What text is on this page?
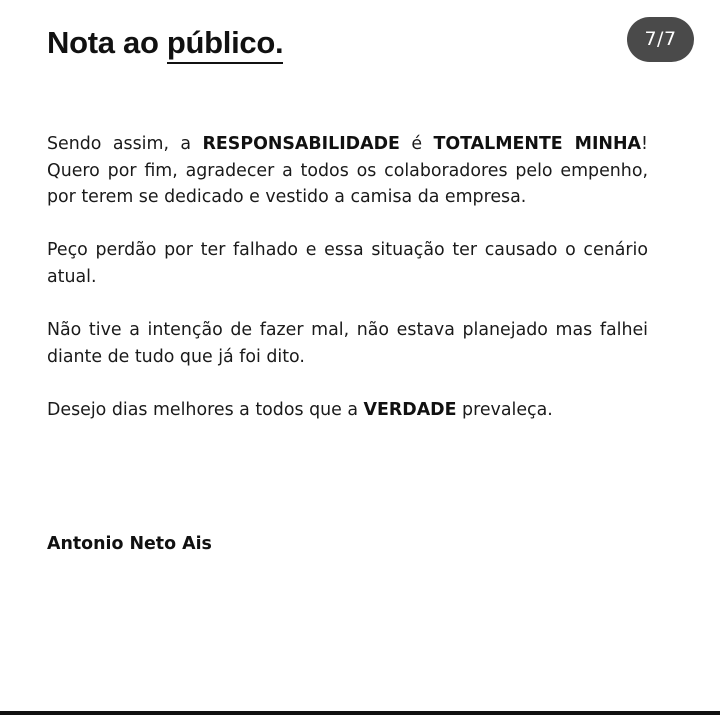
Nota ao público.	7/7

Sendo assim, a RESPONSABILIDADE é TOTALMENTE MINHA! Quero por fim, agradecer a todos os colaboradores pelo empenho, por terem se dedicado e vestido a camisa da empresa.

Peço perdão por ter falhado e essa situação ter causado o cenário atual.

Não tive a intenção de fazer mal, não estava planejado mas falhei diante de tudo que já foi dito.

Desejo dias melhores a todos que a VERDADE prevaleça.

Antonio Neto Ais
